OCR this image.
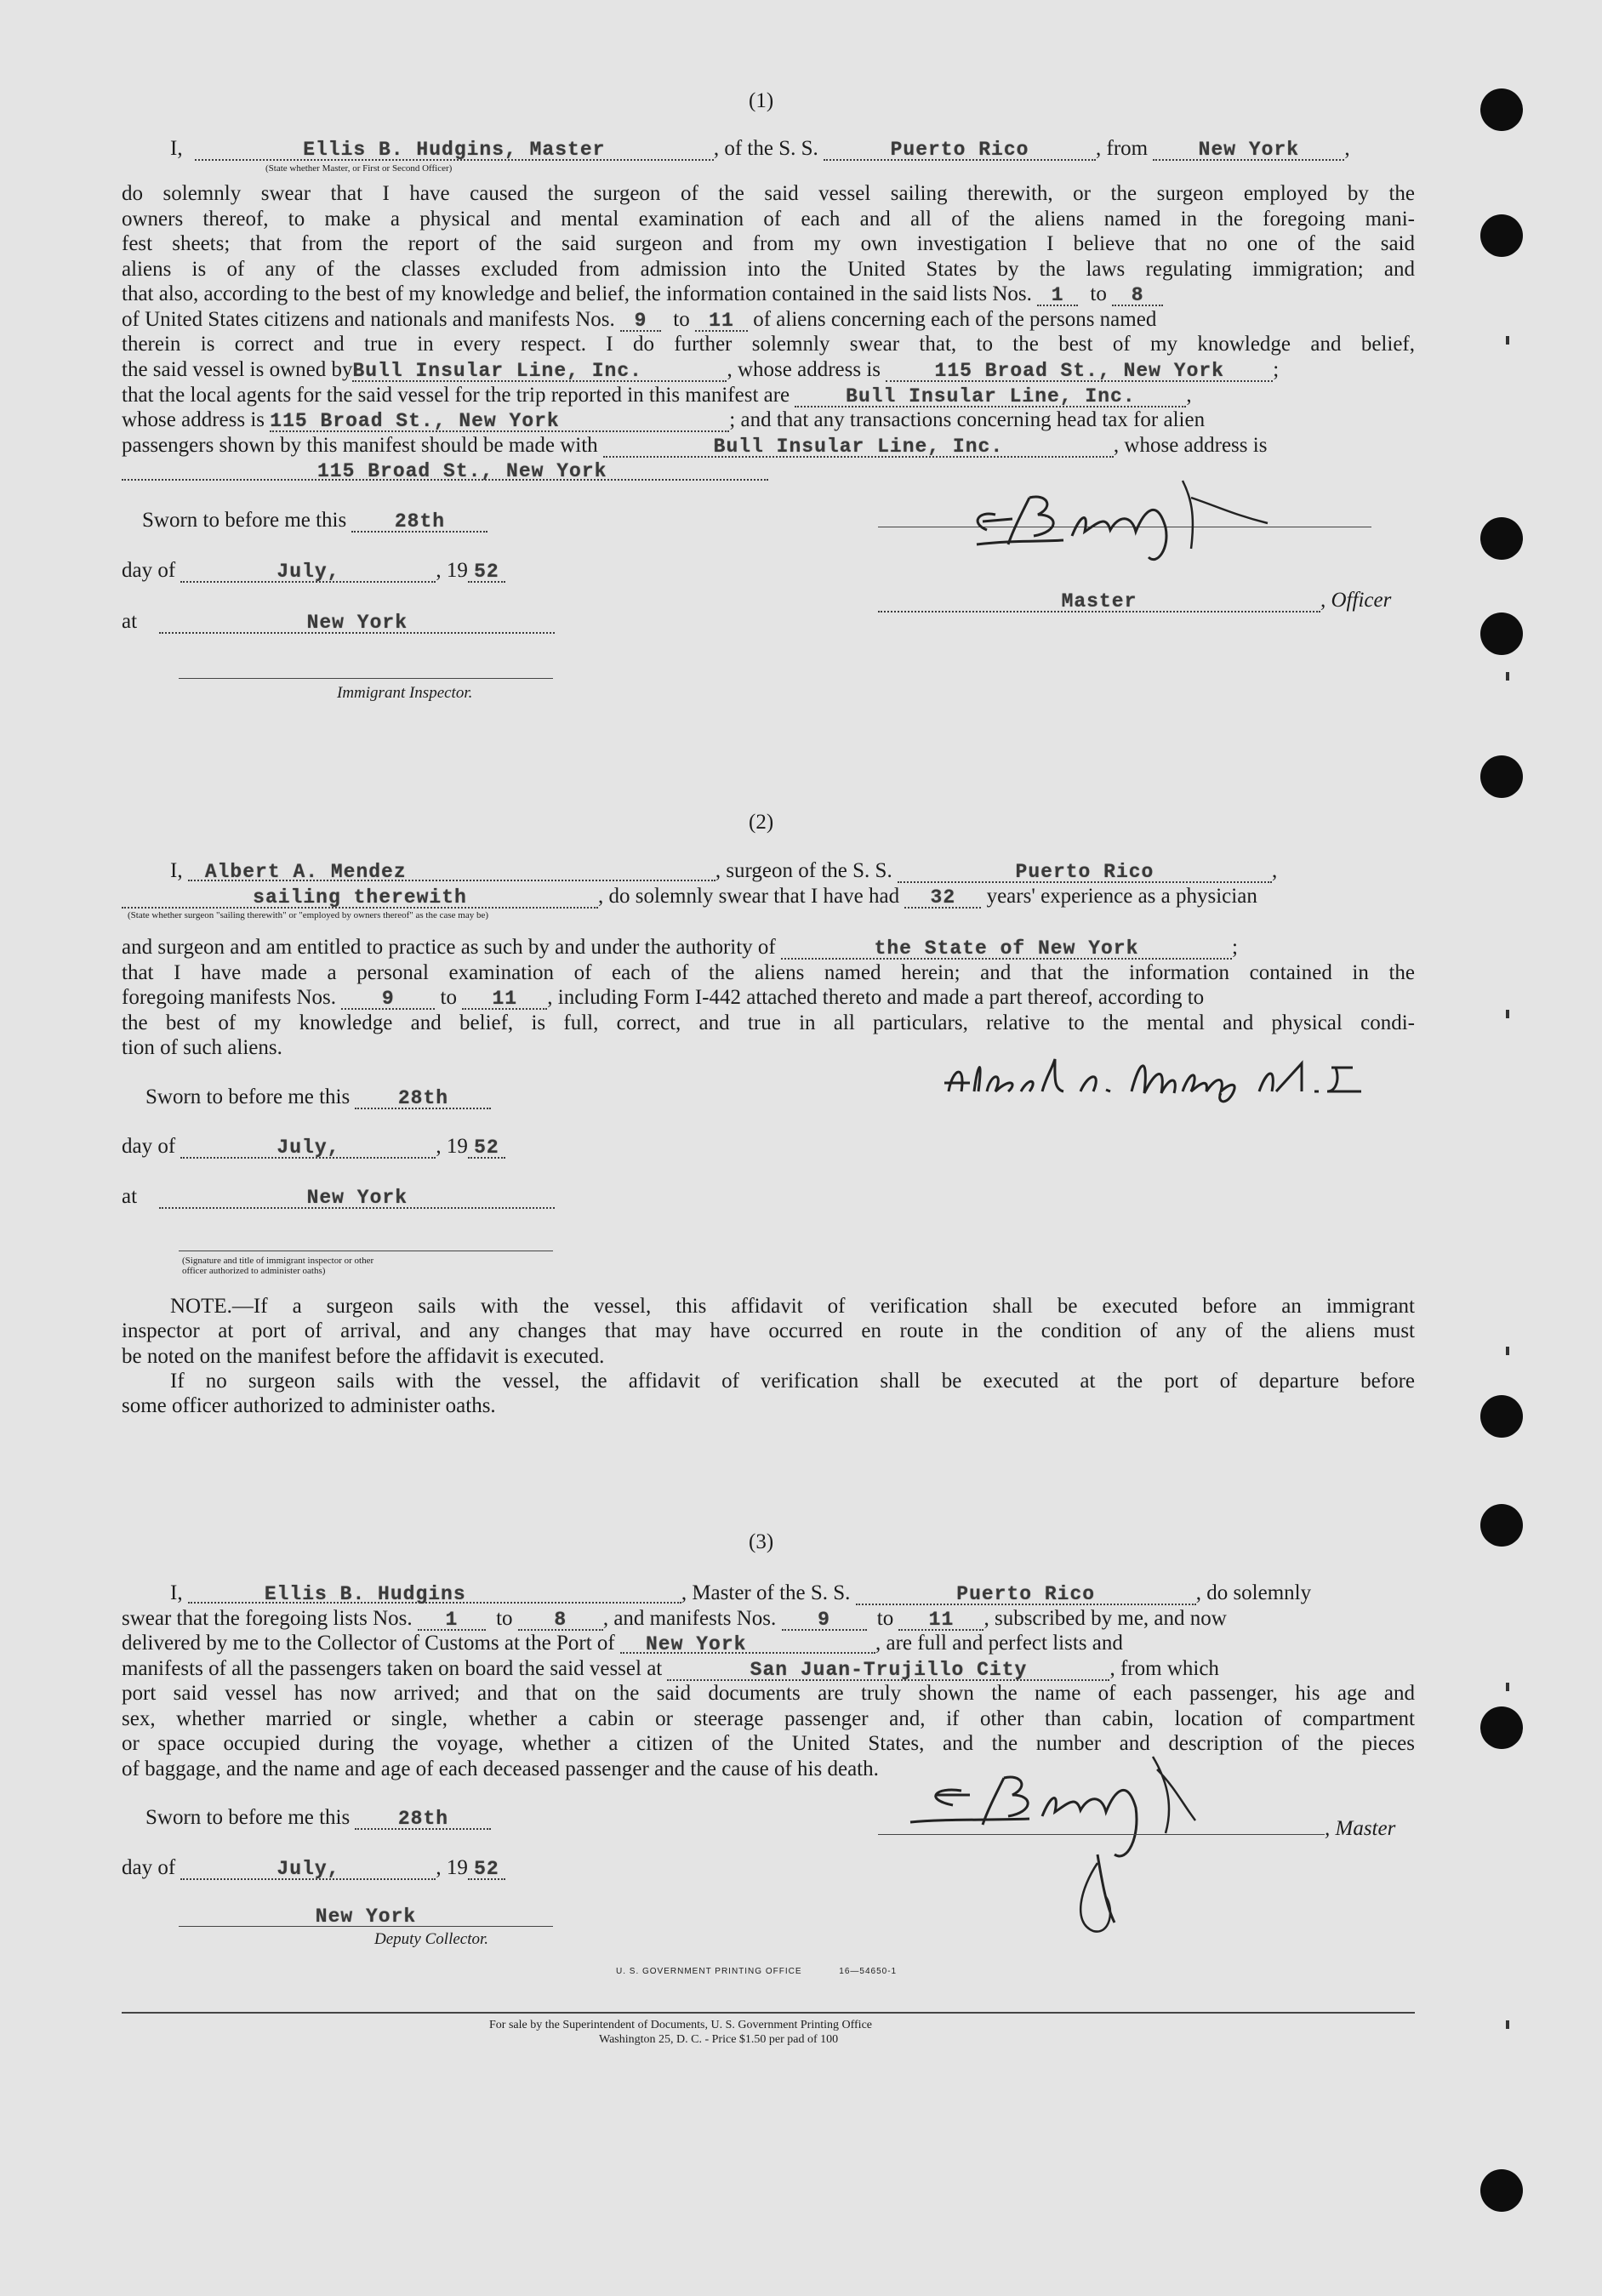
(1)
I,	Ellis B. Hudgins, Master	, of the S. S.	Puerto Rico	, from	New York ,
(State whether Master, or First or Second Officer)
do solemnly swear that I have caused the surgeon of the said vessel sailing therewith, or the surgeon employed by the
owners thereof, to make a physical and mental examination of each and all of the aliens named in the foregoing mani-
fest sheets; that from the report of the said surgeon and from my own investigation I believe that no one of the said
aliens is of any of the classes excluded from admission into the United States by the laws regulating immigration; and
that also, according to the best of my knowledge and belief, the information contained in the said lists Nos. 1 to 8
of United States citizens and nationals and manifests Nos. 9 to 11 of aliens concerning each of the persons named
therein is correct and true in every respect. I do further solemnly swear that, to the best of my knowledge and belief,
the said vessel is owned byBull Insular Line, Inc.	, whose address is	115 Broad St., New York ;
that the local agents for the said vessel for the trip reported in this manifest are	Bull Insular Line, Inc. ,
whose address is 115 Broad St., New York	; and that any transactions concerning head tax for alien
passengers shown by this manifest should be made with	Bull Insular Line, Inc.	, whose address is
115 Broad St., New York
Sworn to before me this 28th
day of	July,	, 19 52
at	New York
Immigrant Inspector.
Master	, Officer
(2)
I, Albert A. Mendez	, surgeon of the S. S.	Puerto Rico	,
sailing therewith	, do solemnly swear that I have had 32 years' experience as a physician
(State whether surgeon "sailing therewith" or "employed by owners thereof" as the case may be)
and surgeon and am entitled to practice as such by and under the authority of	the State of New York	;
that I have made a personal examination of each of the aliens named herein; and that the information contained in the
foregoing manifests Nos. 9 to 11 , including Form I-442 attached thereto and made a part thereof, according to
the best of my knowledge and belief, is full, correct, and true in all particulars, relative to the mental and physical condi-
tion of such aliens.
Sworn to before me this 28th
day of	July,	, 19 52
at	New York
(Signature and title of immigrant inspector or other officer authorized to administer oaths)
NOTE.—If a surgeon sails with the vessel, this affidavit of verification shall be executed before an immigrant
inspector at port of arrival, and any changes that may have occurred en route in the condition of any of the aliens must
be noted on the manifest before the affidavit is executed.
If no surgeon sails with the vessel, the affidavit of verification shall be executed at the port of departure before
some officer authorized to administer oaths.
(3)
I,	Ellis B. Hudgins	, Master of the S. S.	Puerto Rico	, do solemnly
swear that the foregoing lists Nos. 1 to 8 , and manifests Nos. 9 to 11 , subscribed by me, and now
delivered by me to the Collector of Customs at the Port of New York	, are full and perfect lists and
manifests of all the passengers taken on board the said vessel at	San Juan-Trujillo City	, from which
port said vessel has now arrived; and that on the said documents are truly shown the name of each passenger, his age and
sex, whether married or single, whether a cabin or steerage passenger and, if other than cabin, location of compartment
or space occupied during the voyage, whether a citizen of the United States, and the number and description of the pieces
of baggage, and the name and age of each deceased passenger and the cause of his death.
Sworn to before me this 28th
day of	July,	, 19 52
New York
Deputy Collector.
, Master
U. S. GOVERNMENT PRINTING OFFICE	16—54650-1
For sale by the Superintendent of Documents, U. S. Government Printing Office
Washington 25, D. C. - Price $1.50 per pad of 100
